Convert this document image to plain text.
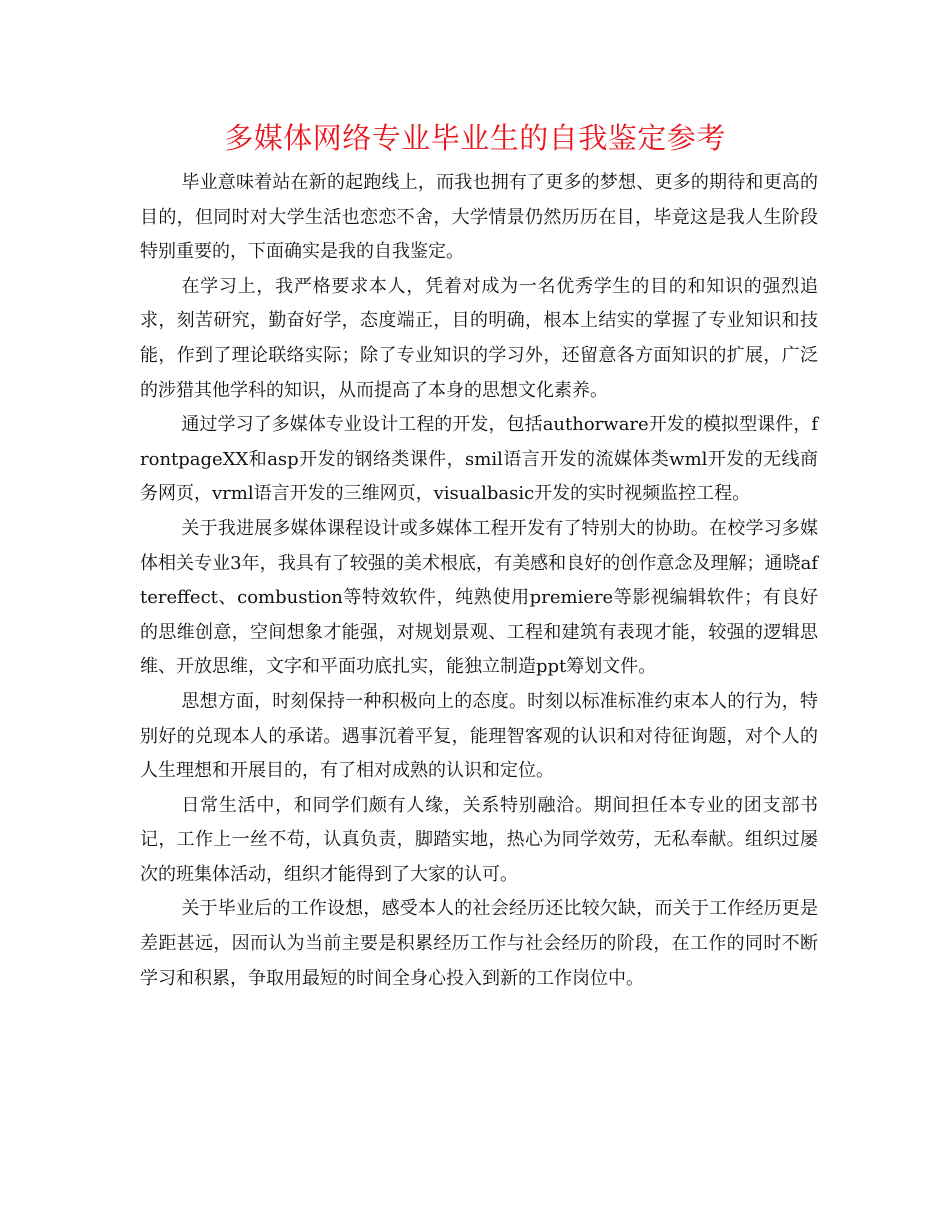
多媒体网络专业毕业生的自我鉴定参考

毕业意味着站在新的起跑线上，而我也拥有了更多的梦想、更多的期待和更高的目的，但同时对大学生活也恋恋不舍，大学情景仍然历历在目，毕竟这是我人生阶段特别重要的，下面确实是我的自我鉴定。

在学习上，我严格要求本人，凭着对成为一名优秀学生的目的和知识的强烈追求，刻苦研究，勤奋好学，态度端正，目的明确，根本上结实的掌握了专业知识和技能，作到了理论联络实际；除了专业知识的学习外，还留意各方面知识的扩展，广泛的涉猎其他学科的知识，从而提高了本身的思想文化素养。

通过学习了多媒体专业设计工程的开发，包括authorware开发的模拟型课件，frontpageXX和asp开发的钢络类课件，smil语言开发的流媒体类wml开发的无线商务网页，vrml语言开发的三维网页，visualbasic开发的实时视频监控工程。

关于我进展多媒体课程设计或多媒体工程开发有了特别大的协助。在校学习多媒体相关专业3年，我具有了较强的美术根底，有美感和良好的创作意念及理解；通晓aftereffect、combustion等特效软件，纯熟使用premiere等影视编辑软件；有良好的思维创意，空间想象才能强，对规划景观、工程和建筑有表现才能，较强的逻辑思维、开放思维，文字和平面功底扎实，能独立制造ppt筹划文件。

思想方面，时刻保持一种积极向上的态度。时刻以标准标准约束本人的行为，特别好的兑现本人的承诺。遇事沉着平复，能理智客观的认识和对待征询题，对个人的人生理想和开展目的，有了相对成熟的认识和定位。

日常生活中，和同学们颇有人缘，关系特别融洽。期间担任本专业的团支部书记，工作上一丝不苟，认真负责，脚踏实地，热心为同学效劳，无私奉献。组织过屡次的班集体活动，组织才能得到了大家的认可。

关于毕业后的工作设想，感受本人的社会经历还比较欠缺，而关于工作经历更是差距甚远，因而认为当前主要是积累经历工作与社会经历的阶段，在工作的同时不断学习和积累，争取用最短的时间全身心投入到新的工作岗位中。
